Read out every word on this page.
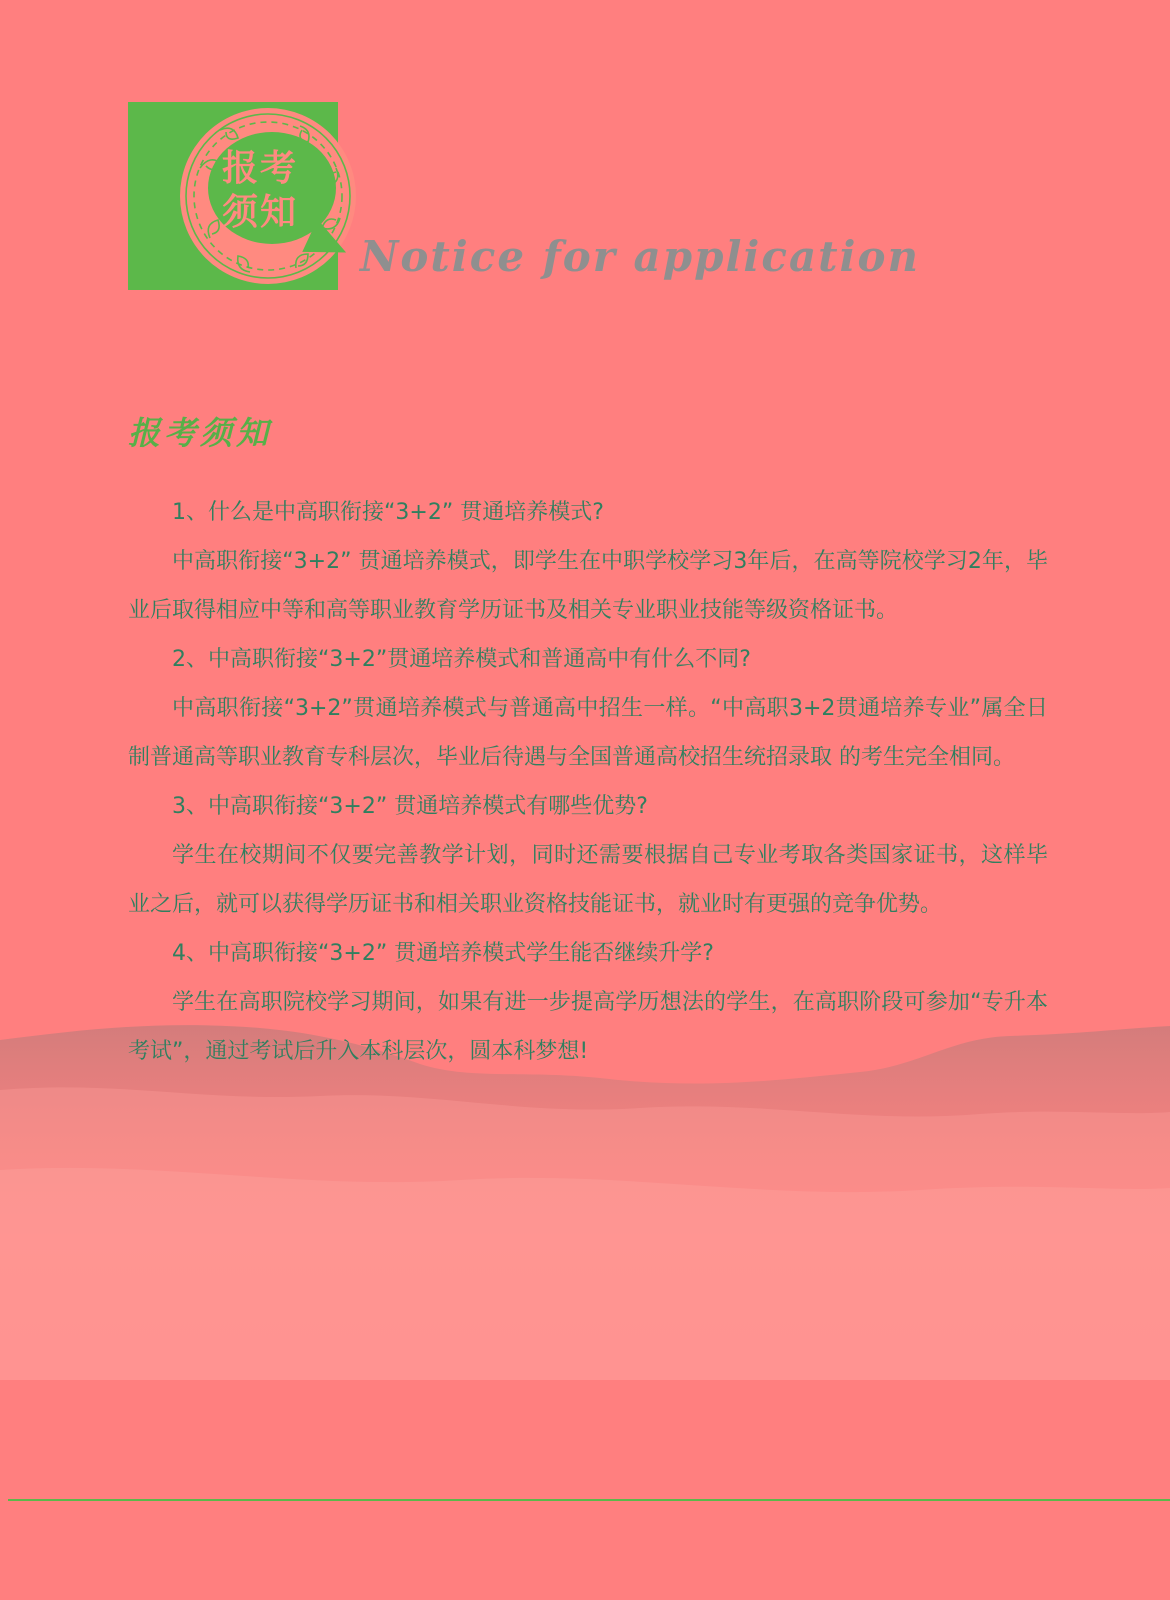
报考
须知
Notice for application
报考须知

1、什么是中高职衔接“3+2” 贯通培养模式?

中高职衔接“3+2” 贯通培养模式，即学生在中职学校学习3年后，在高等院校学习2年，毕业后取得相应中等和高等职业教育学历证书及相关专业职业技能等级资格证书。

2、中高职衔接“3+2”贯通培养模式和普通高中有什么不同?

中高职衔接“3+2”贯通培养模式与普通高中招生一样。“中高职3+2贯通培养专业”属全日制普通高等职业教育专科层次，毕业后待遇与全国普通高校招生统招录取 的考生完全相同。

3、中高职衔接“3+2” 贯通培养模式有哪些优势?

学生在校期间不仅要完善教学计划，同时还需要根据自己专业考取各类国家证书，这样毕业之后，就可以获得学历证书和相关职业资格技能证书，就业时有更强的竞争优势。

4、中高职衔接“3+2” 贯通培养模式学生能否继续升学?

学生在高职院校学习期间，如果有进一步提高学历想法的学生，在高职阶段可参加“专升本考试”，通过考试后升入本科层次，圆本科梦想!
